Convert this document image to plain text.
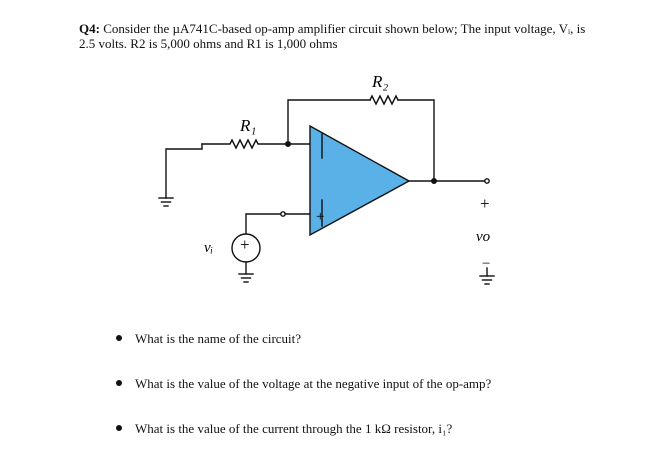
Q4: Consider the µA741C-based op-amp amplifier circuit shown below; The input voltage, Vᵢ, is
2.5 volts. R2 is 5,000 ohms and R1 is 1,000 ohms
R₂
R₁
vᵢ +
+
+
vo
−
What is the name of the circuit?
What is the value of the voltage at the negative input of the op-amp?
What is the value of the current through the 1 kΩ resistor, i₁?
